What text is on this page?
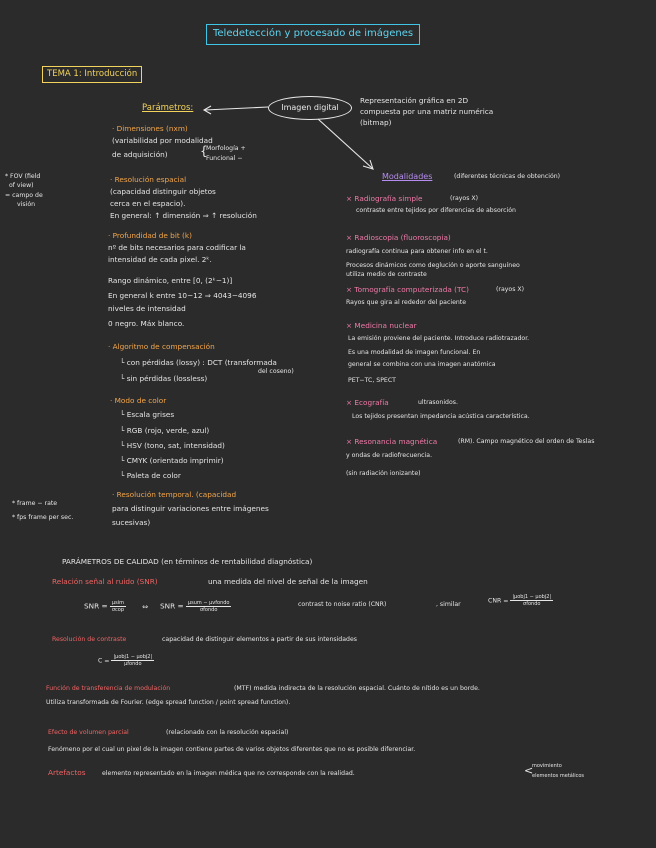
Teledetección y procesado de imágenes
TEMA 1: Introducción
Imagen digital
Representación gráfica en 2D
compuesta por una matriz numérica
(bitmap)
Parámetros:
· Dimensiones (nxm)
(variabilidad por modalidad
de adquisición)	{
Morfología +
Funcional −
* FOV (field
of view)
= campo de
visión
· Resolución espacial
(capacidad distinguir objetos
cerca en el espacio).
En general: ↑ dimensión ⇒ ↑ resolución
· Profundidad de bit (k)
nº de bits necesarios para codificar la
intensidad de cada pixel. 2ᵏ.
Rango dinámico, entre [0, (2ᵏ−1)]
En general k entre 10−12 ⇒ 4043−4096
niveles de intensidad
0 negro. Máx blanco.
· Algoritmo de compensación
└ con pérdidas (lossy) : DCT (transformada
del coseno)
└ sin pérdidas (lossless)
· Modo de color
└ Escala grises
└ RGB (rojo, verde, azul)
└ HSV (tono, sat, intensidad)
└ CMYK (orientado imprimir)
└ Paleta de color
· Resolución temporal. (capacidad
para distinguir variaciones entre imágenes
sucesivas)
* frame − rate
* fps frame per sec.
Modalidades	(diferentes técnicas de obtención)
× Radiografía simple	(rayos X)
contraste entre tejidos por diferencias de absorción
× Radioscopia (fluoroscopia)
radiografía continua para obtener info en el t.
Procesos dinámicos como deglución o aporte sanguíneo
utiliza medio de contraste
× Tomografía computerizada (TC)	(rayos X)
Rayos que gira al rededor del paciente
× Medicina nuclear
La emisión proviene del paciente. Introduce radiotrazador.
Es una modalidad de imagen funcional. En
general se combina con una imagen anatómica
PET−TC, SPECT
× Ecografía	ultrasonidos.
Los tejidos presentan impedancia acústica característica.
× Resonancia magnética	(RM). Campo magnético del orden de Teslas
y ondas de radiofrecuencia.
(sin radiación ionizante)
PARÁMETROS DE CALIDAD (en términos de rentabilidad diagnóstica)
Relación señal al ruido (SNR)	una medida del nivel de señal de la imagen
SNR = $\frac{\text{μsim}}{\text{σcop}}$ ⇔ SNR = $\frac{\text{μsum − μvfondo}}{\text{σfondo}}$	contrast to noise ratio (CNR)	, similar	CNR = $\frac{\text{|μobj1 − μobj2|}}{\text{σfondo}}$
Resolución de contraste	capacidad de distinguir elementos a partir de sus intensidades
$C = \frac{\text{|μobj1 − μobj2|}}{\text{μfondo}}$
Función de transferencia de modulación	(MTF) medida indirecta de la resolución espacial. Cuánto de nítido es un borde.
Utiliza transformada de Fourier. (edge spread function / point spread function).
Efecto de volumen parcial	(relacionado con la resolución espacial)
Fenómeno por el cual un pixel de la imagen contiene partes de varios objetos diferentes que no es posible diferenciar.
Artefactos	elemento representado en la imagen médica que no corresponde con la realidad.	<
movimiento
elementos metálicos
